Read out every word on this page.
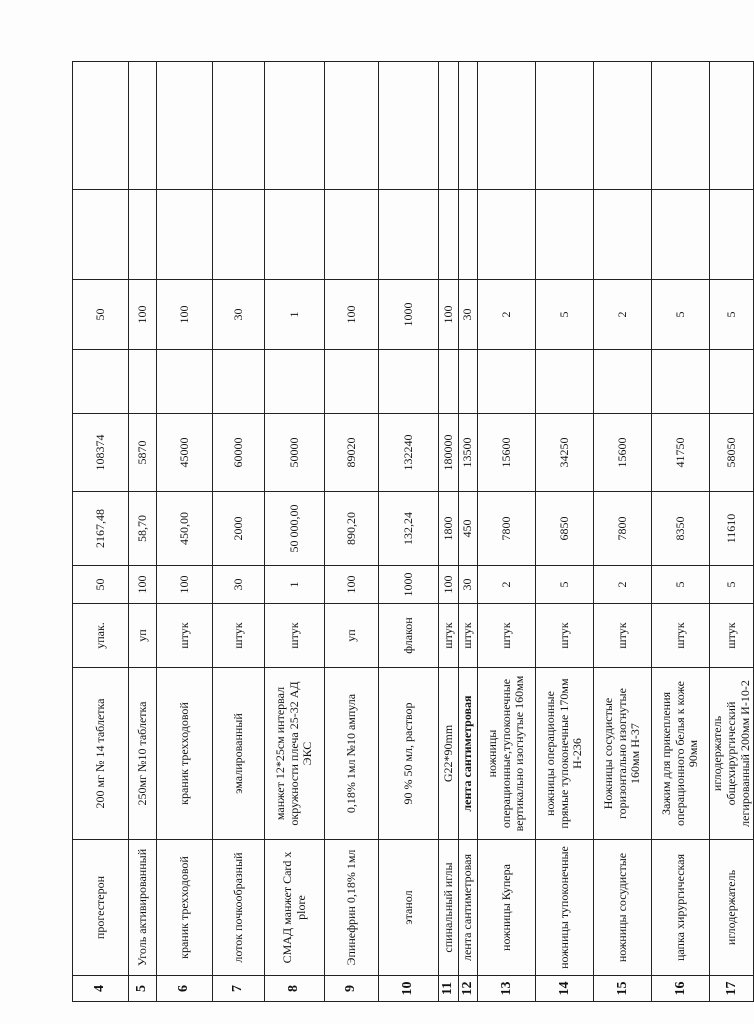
4	прогестерон	200 мг № 14 таблетка	упак.	50	2167,48	108374		50		
5	Уголь активированный	250мг №10 таблетка	уп	100	58,70	5870		100		
6	краник трехходовой	краник трехходовой	штук	100	450,00	45000		100		
7	лоток почкообразный	эмалированный	штук	30	2000	60000		30		
8	СМАД манжет Card x plore	манжет 12*25см интервал окружности плеча 25-32 АД ЭКС	штук	1	50 000,00	50000		1		
9	Эпинефрин 0,18% 1мл	0,18% 1мл №10 ампула	уп	100	890,20	89020		100		
10	этанол	90 % 50 мл, раствор	флакон	1000	132,24	132240		1000		
11	спинальный иглы	G22*90mm	штук	100	1800	180000		100		
12	лента сантиметровая	лента сантиметровая	штук	30	450	13500		30		
13	ножницы Купера	ножницы операционные,тупоконечные вертикально изогнутые 160мм	штук	2	7800	15600		2		
14	ножницы тупоконечные	ножницы операционные прямые тупоконечные 170мм Н-236	штук	5	6850	34250		5		
15	ножницы сосудистые	Ножницы сосудистые горизонтально изогнутые 160мм Н-37	штук	2	7800	15600		2		
16	цапка хирургическая	Зажим для прикепления операционного белья к коже 90мм	штук	5	8350	41750		5		
17	иглодержатель	иглодержатель общехирургический легированный 200мм И-10-2	штук	5	11610	58050		5		
